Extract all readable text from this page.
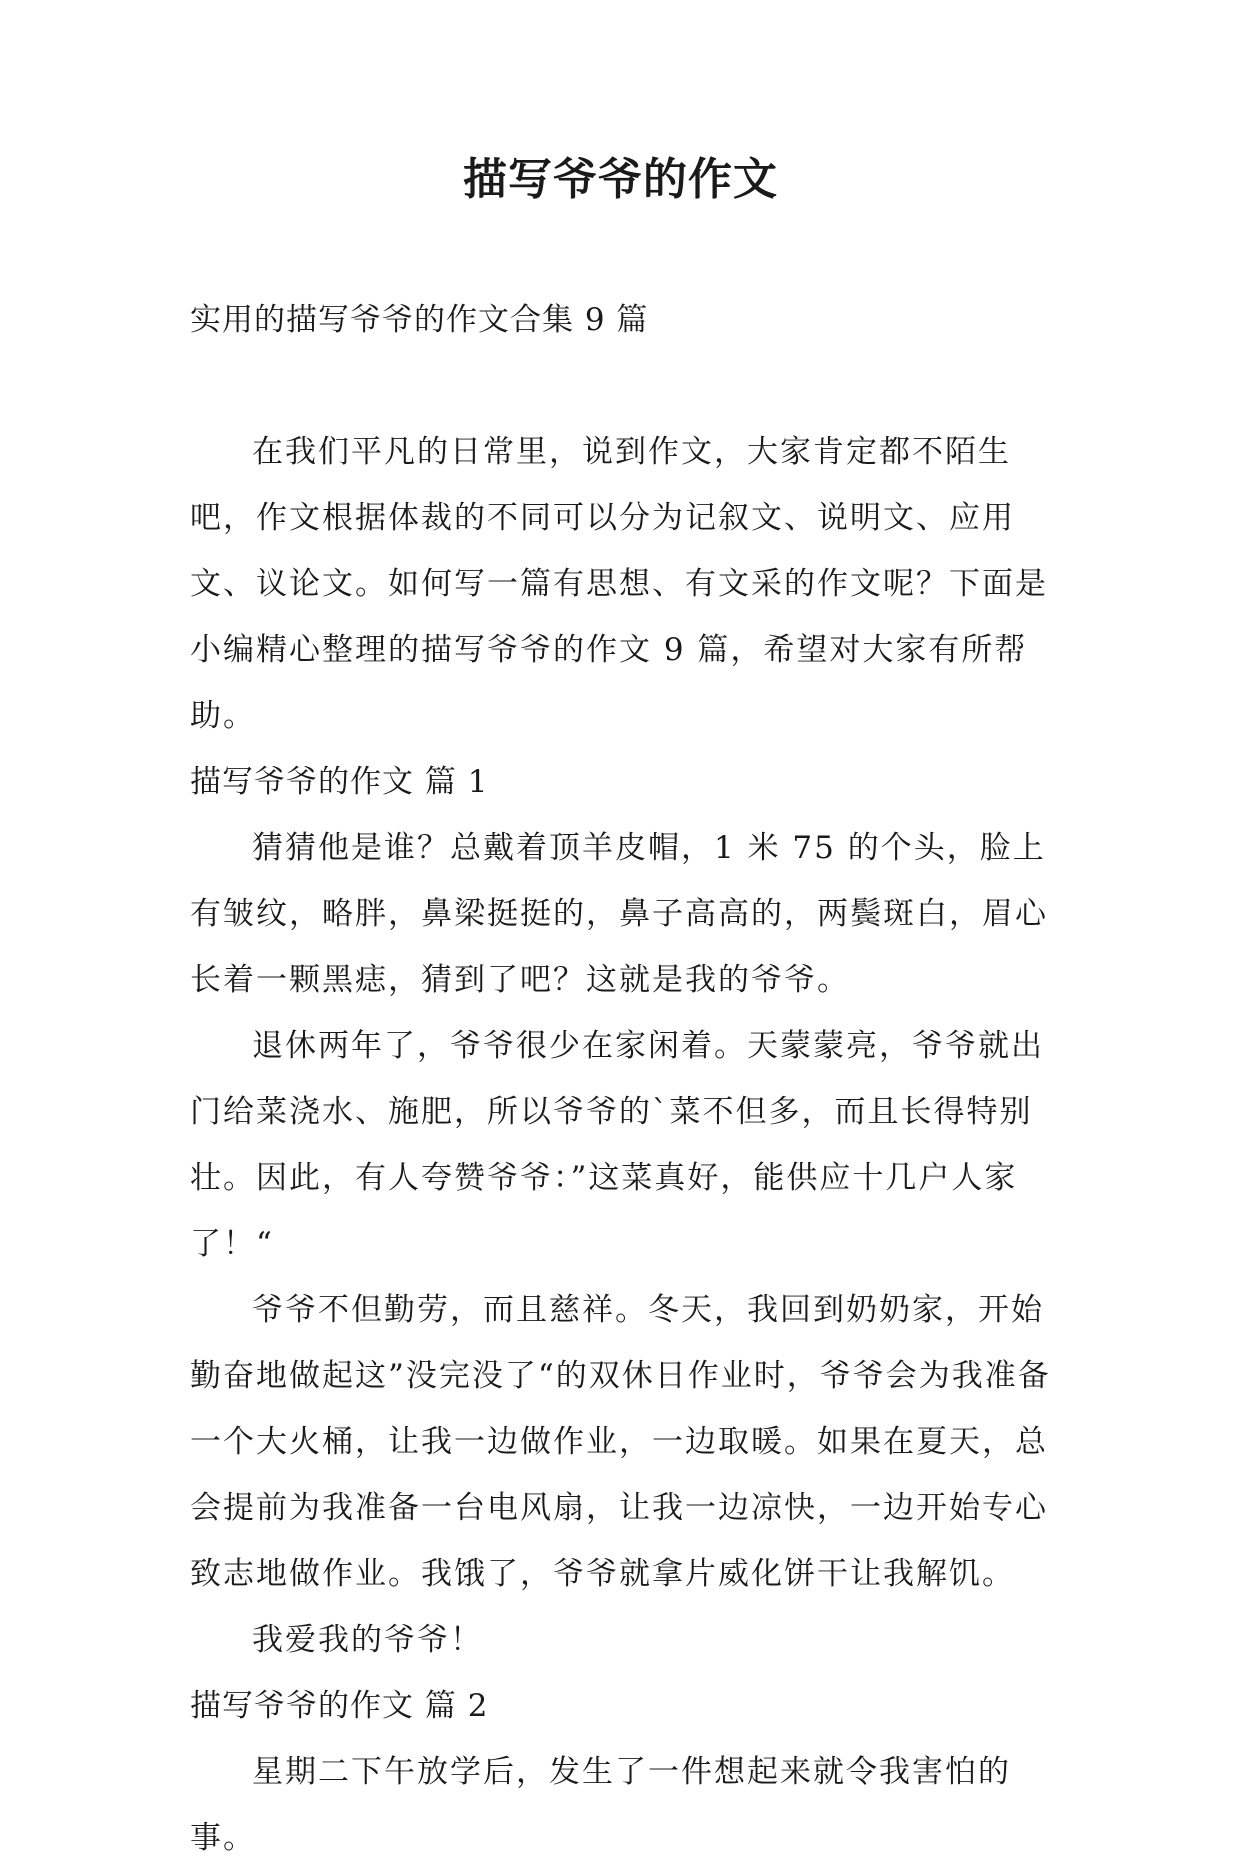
描写爷爷的作文

实用的描写爷爷的作文合集 9 篇

在我们平凡的日常里，说到作文，大家肯定都不陌生吧，作文根据体裁的不同可以分为记叙文、说明文、应用文、议论文。如何写一篇有思想、有文采的作文呢？下面是小编精心整理的描写爷爷的作文 9 篇，希望对大家有所帮助。

描写爷爷的作文 篇 1

猜猜他是谁？总戴着顶羊皮帽，1 米 75 的个头，脸上有皱纹，略胖，鼻梁挺挺的，鼻子高高的，两鬓斑白，眉心长着一颗黑痣，猜到了吧？这就是我的爷爷。

退休两年了，爷爷很少在家闲着。天蒙蒙亮，爷爷就出门给菜浇水、施肥，所以爷爷的`菜不但多，而且长得特别壮。因此，有人夸赞爷爷：”这菜真好，能供应十几户人家了！“

爷爷不但勤劳，而且慈祥。冬天，我回到奶奶家，开始勤奋地做起这”没完没了“的双休日作业时，爷爷会为我准备一个大火桶，让我一边做作业，一边取暖。如果在夏天，总会提前为我准备一台电风扇，让我一边凉快，一边开始专心致志地做作业。我饿了，爷爷就拿片威化饼干让我解饥。

我爱我的爷爷！

描写爷爷的作文 篇 2

星期二下午放学后，发生了一件想起来就令我害怕的事。
